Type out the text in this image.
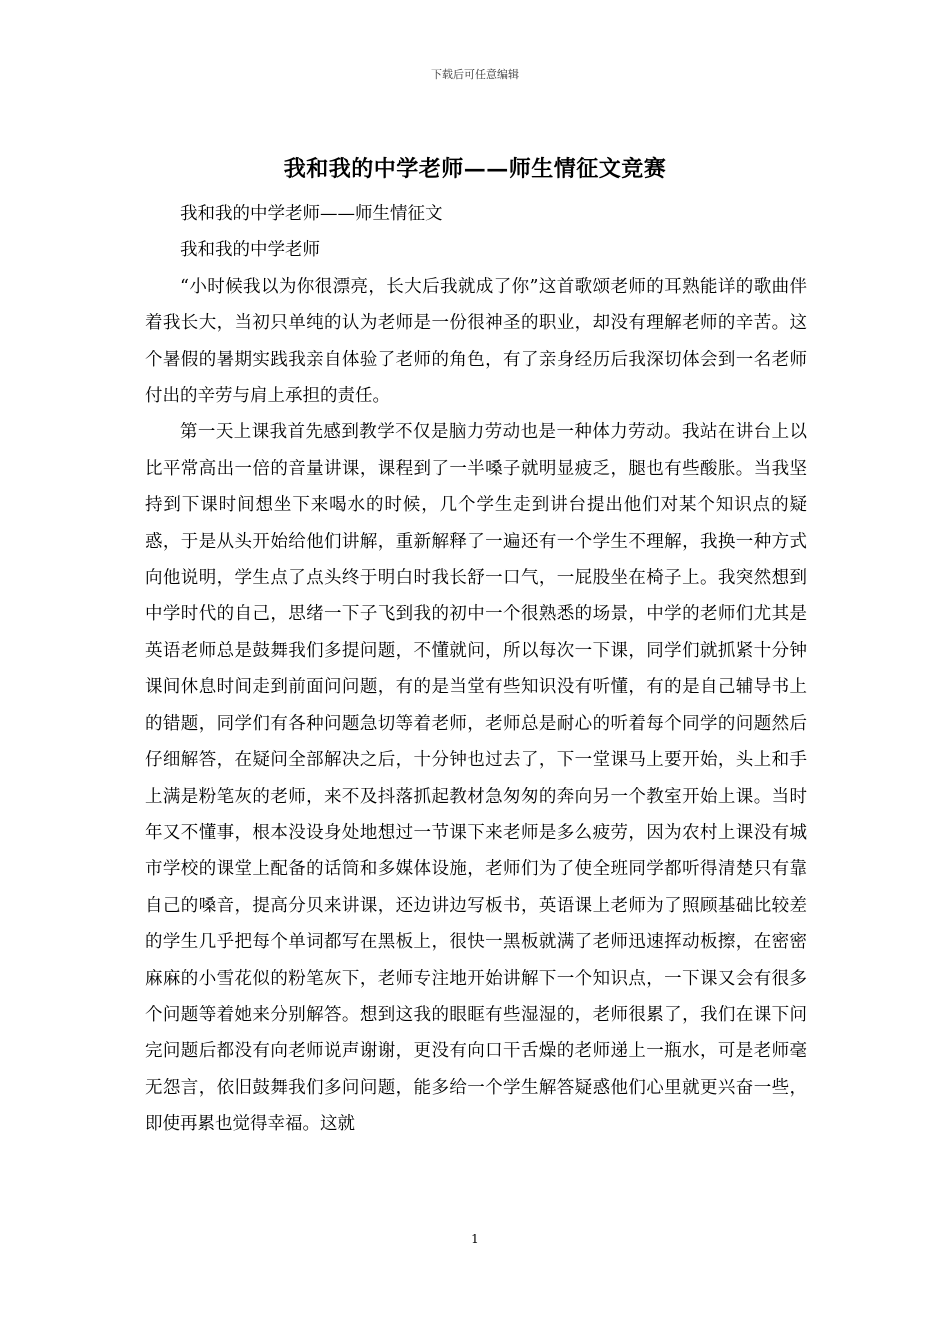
下载后可任意编辑
我和我的中学老师——师生情征文竞赛

我和我的中学老师——师生情征文

我和我的中学老师

“小时候我以为你很漂亮，长大后我就成了你”这首歌颂老师的耳熟能详的歌曲伴着我长大，当初只单纯的认为老师是一份很神圣的职业，却没有理解老师的辛苦。这个暑假的暑期实践我亲自体验了老师的角色，有了亲身经历后我深切体会到一名老师付出的辛劳与肩上承担的责任。

第一天上课我首先感到教学不仅是脑力劳动也是一种体力劳动。我站在讲台上以比平常高出一倍的音量讲课，课程到了一半嗓子就明显疲乏，腿也有些酸胀。当我坚持到下课时间想坐下来喝水的时候，几个学生走到讲台提出他们对某个知识点的疑惑，于是从头开始给他们讲解，重新解释了一遍还有一个学生不理解，我换一种方式向他说明，学生点了点头终于明白时我长舒一口气，一屁股坐在椅子上。我突然想到中学时代的自己，思绪一下子飞到我的初中一个很熟悉的场景，中学的老师们尤其是英语老师总是鼓舞我们多提问题，不懂就问，所以每次一下课，同学们就抓紧十分钟课间休息时间走到前面问问题，有的是当堂有些知识没有听懂，有的是自己辅导书上的错题，同学们有各种问题急切等着老师，老师总是耐心的听着每个同学的问题然后仔细解答，在疑问全部解决之后，十分钟也过去了，下一堂课马上要开始，头上和手上满是粉笔灰的老师，来不及抖落抓起教材急匆匆的奔向另一个教室开始上课。当时年又不懂事，根本没设身处地想过一节课下来老师是多么疲劳，因为农村上课没有城市学校的课堂上配备的话筒和多媒体设施，老师们为了使全班同学都听得清楚只有靠自己的嗓音，提高分贝来讲课，还边讲边写板书，英语课上老师为了照顾基础比较差的学生几乎把每个单词都写在黑板上，很快一黑板就满了老师迅速挥动板擦，在密密麻麻的小雪花似的粉笔灰下，老师专注地开始讲解下一个知识点，一下课又会有很多个问题等着她来分别解答。想到这我的眼眶有些湿湿的，老师很累了，我们在课下问完问题后都没有向老师说声谢谢，更没有向口干舌燥的老师递上一瓶水，可是老师毫无怨言，依旧鼓舞我们多问问题，能多给一个学生解答疑惑他们心里就更兴奋一些，即使再累也觉得幸福。这就

1
